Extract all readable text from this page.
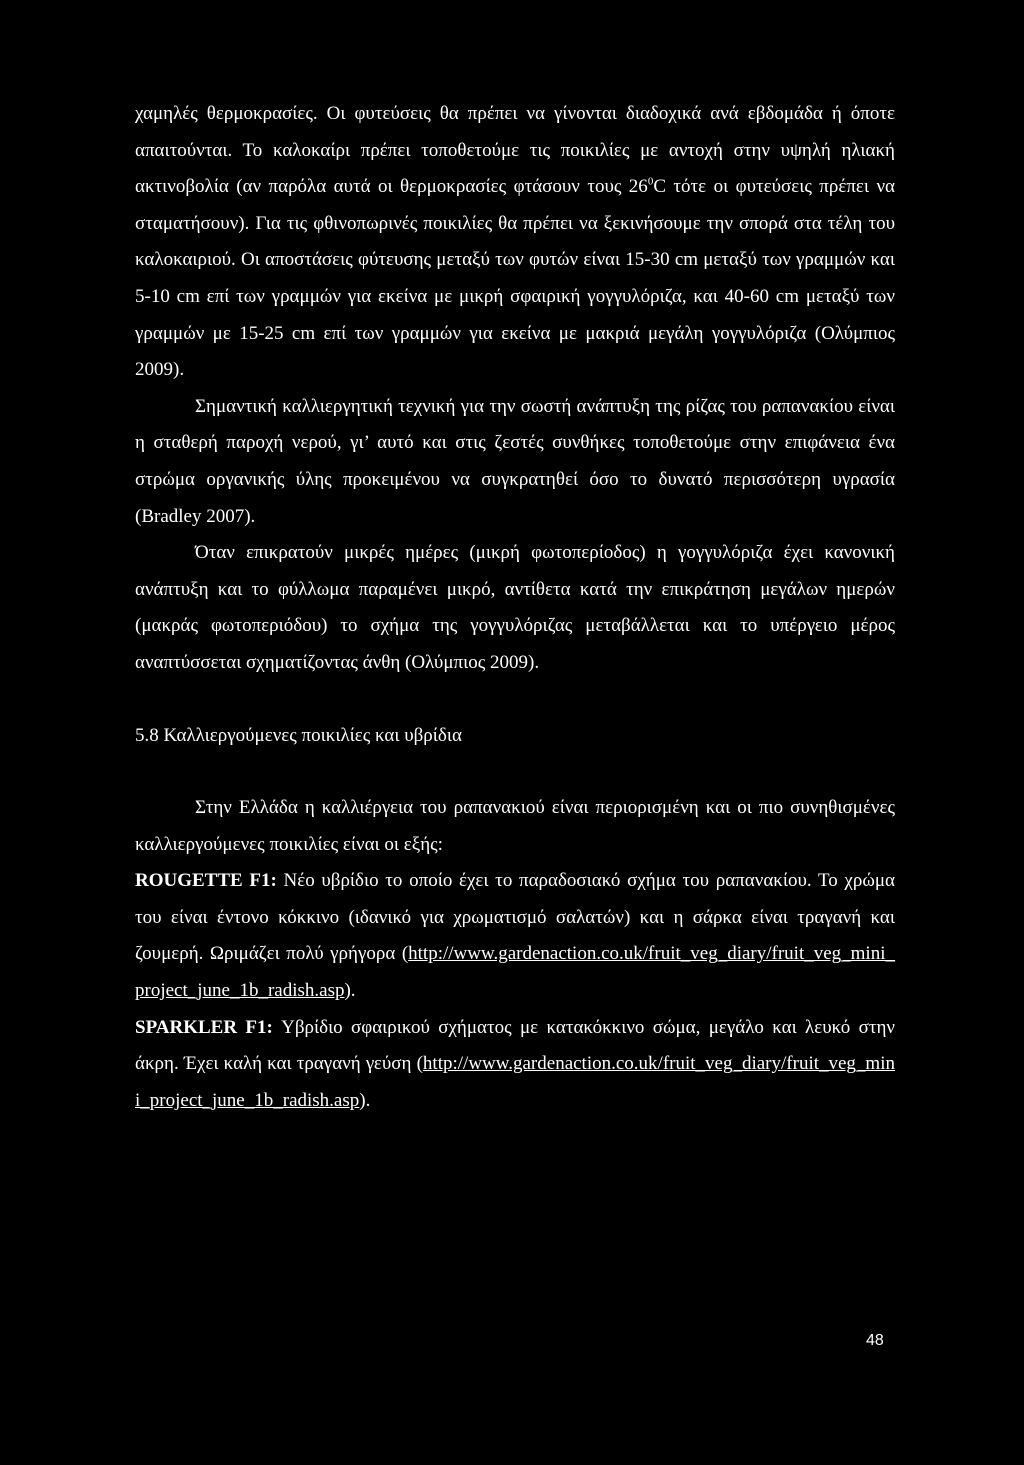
χαμηλές θερμοκρασίες. Οι φυτεύσεις θα πρέπει να γίνονται διαδοχικά ανά εβδομάδα ή όποτε απαιτούνται. Το καλοκαίρι πρέπει τοποθετούμε τις ποικιλίες με αντοχή στην υψηλή ηλιακή ακτινοβολία (αν παρόλα αυτά οι θερμοκρασίες φτάσουν τους $26^0C$ τότε οι φυτεύσεις πρέπει να σταματήσουν). Για τις φθινοπωρινές ποικιλίες θα πρέπει να ξεκινήσουμε την σπορά στα τέλη του καλοκαιριού. Οι αποστάσεις φύτευσης μεταξύ των φυτών είναι 15-30 cm μεταξύ των γραμμών και 5-10 cm επί των γραμμών για εκείνα με μικρή σφαιρική γογγυλόριζα, και 40-60 cm μεταξύ των γραμμών με 15-25 cm επί των γραμμών για εκείνα με μακριά μεγάλη γογγυλόριζα (Ολύμπιος 2009).

Σημαντική καλλιεργητική τεχνική για την σωστή ανάπτυξη της ρίζας του ραπανακίου είναι η σταθερή παροχή νερού, γι’ αυτό και στις ζεστές συνθήκες τοποθετούμε στην επιφάνεια ένα στρώμα οργανικής ύλης προκειμένου να συγκρατηθεί όσο το δυνατό περισσότερη υγρασία (Bradley 2007).

Όταν επικρατούν μικρές ημέρες (μικρή φωτοπερίοδος) η γογγυλόριζα έχει κανονική ανάπτυξη και το φύλλωμα παραμένει μικρό, αντίθετα κατά την επικράτηση μεγάλων ημερών (μακράς φωτοπεριόδου) το σχήμα της γογγυλόριζας μεταβάλλεται και το υπέργειο μέρος αναπτύσσεται σχηματίζοντας άνθη (Ολύμπιος 2009).

5.8 Καλλιεργούμενες ποικιλίες και υβρίδια

Στην Ελλάδα η καλλιέργεια του ραπανακιού είναι περιορισμένη και οι πιο συνηθισμένες καλλιεργούμενες ποικιλίες είναι οι εξής:

ROUGETTE F1: Νέο υβρίδιο το οποίο έχει το παραδοσιακό σχήμα του ραπανακίου. Το χρώμα του είναι έντονο κόκκινο (ιδανικό για χρωματισμό σαλατών) και η σάρκα είναι τραγανή και ζουμερή. Ωριμάζει πολύ γρήγορα (http://www.gardenaction.co.uk/fruit_veg_diary/fruit_veg_mini_project_june_1b_radish.asp).

SPARKLER F1: Υβρίδιο σφαιρικού σχήματος με κατακόκκινο σώμα, μεγάλο και λευκό στην άκρη. Έχει καλή και τραγανή γεύση (http://www.gardenaction.co.uk/fruit_veg_diary/fruit_veg_mini_project_june_1b_radish.asp).

48
